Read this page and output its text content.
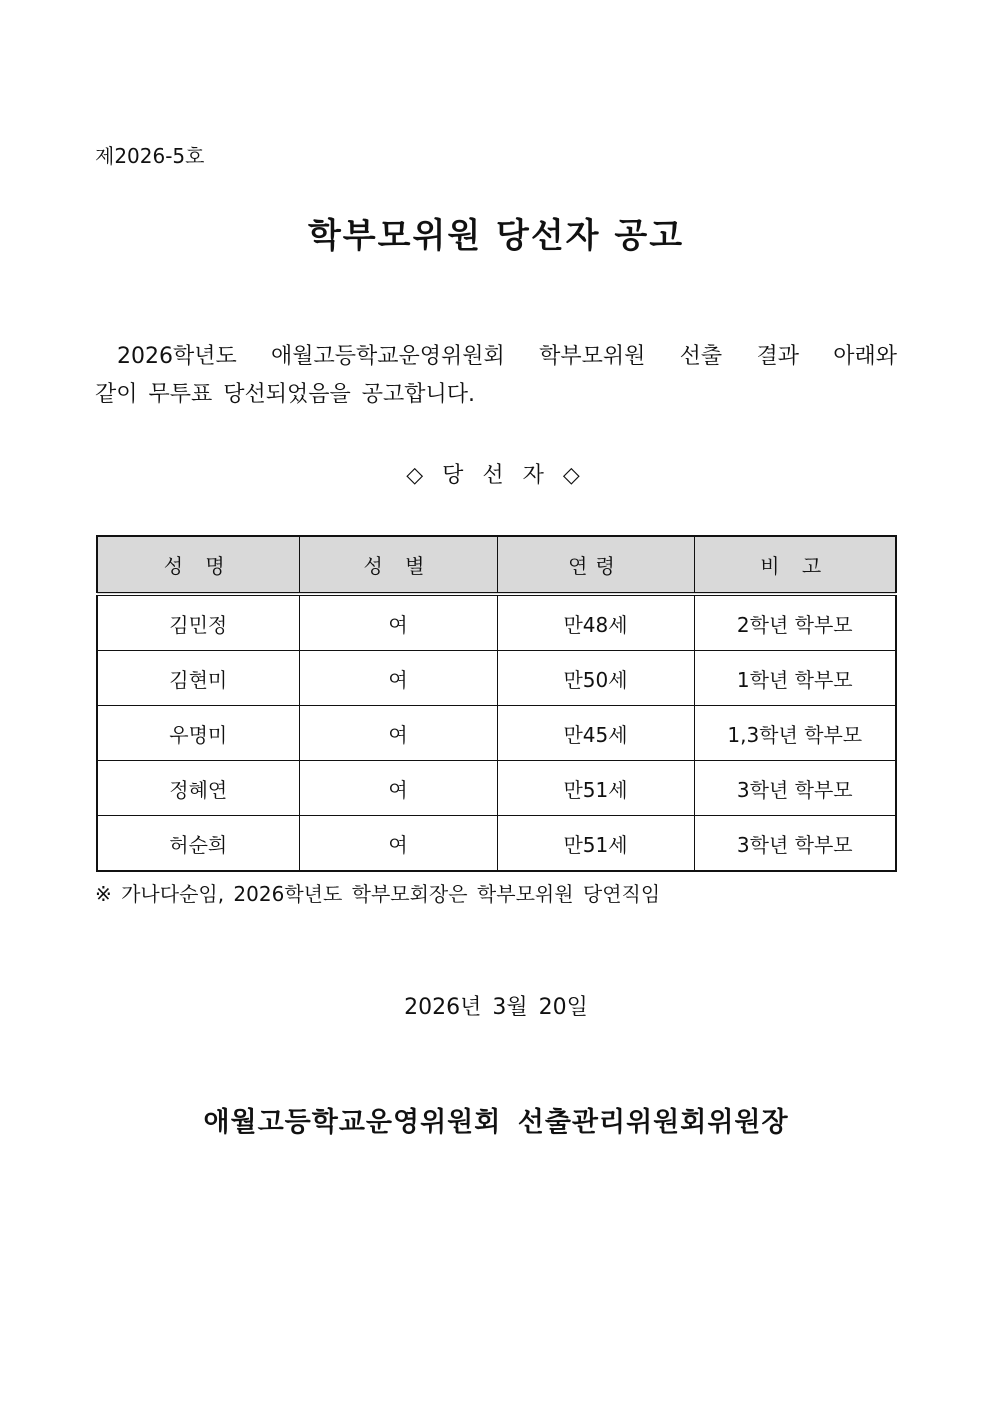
제2026-5호
학부모위원 당선자 공고
2026학년도 애월고등학교운영위원회 학부모위원 선출 결과 아래와
같이 무투표 당선되었음을 공고합니다.
◇ 당 선 자 ◇
성 명	성 별	연령	비 고
김민정	여	만48세	2학년 학부모
김현미	여	만50세	1학년 학부모
우명미	여	만45세	1,3학년 학부모
정혜연	여	만51세	3학년 학부모
허순희	여	만51세	3학년 학부모
※ 가나다순임, 2026학년도 학부모회장은 학부모위원 당연직임
2026년 3월 20일
애월고등학교운영위원회 선출관리위원회위원장
